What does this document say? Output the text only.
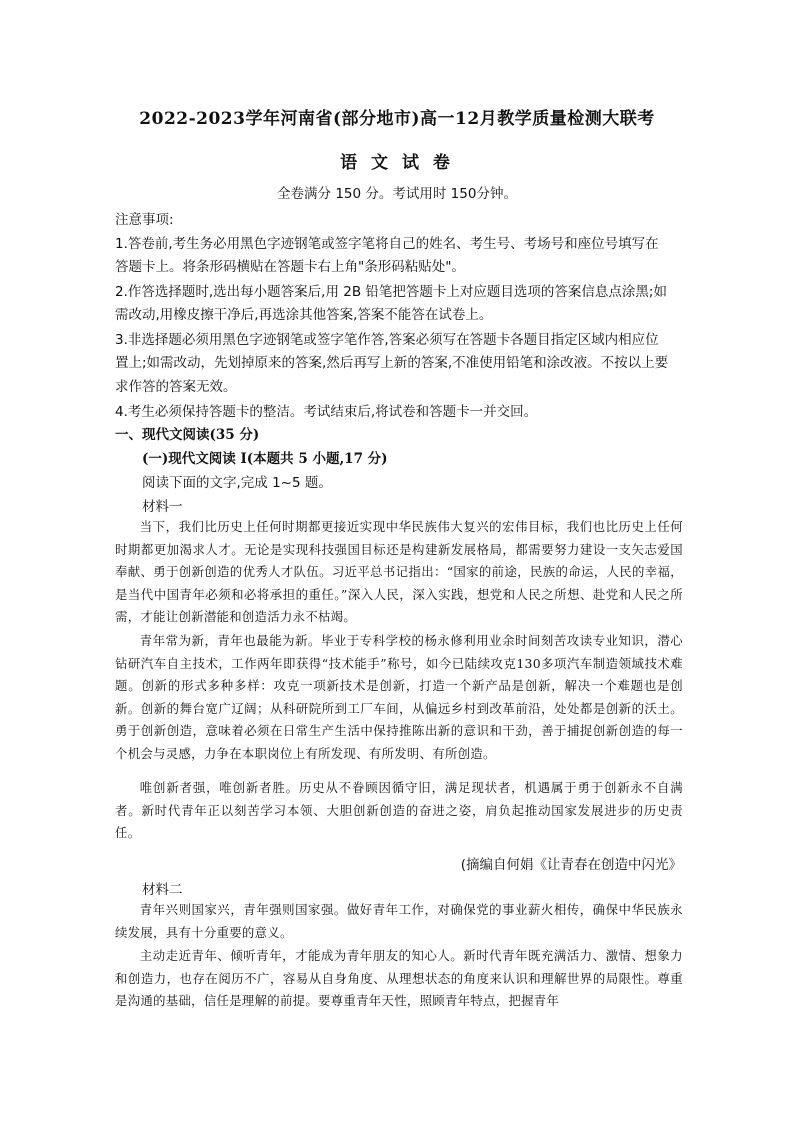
2022-2023学年河南省(部分地市)高一12月教学质量检测大联考
语 文 试 卷
全卷满分 150 分。考试用时 150分钟。
注意事项:
1.答卷前,考生务必用黑色字迹钢笔或签字笔将自己的姓名、考生号、考场号和座位号填写在
答题卡上。将条形码横贴在答题卡右上角"条形码粘贴处"。
2.作答选择题时,选出每小题答案后,用 2B 铅笔把答题卡上对应题目选项的答案信息点涂黑;如
需改动,用橡皮擦干净后,再选涂其他答案,答案不能答在试卷上。
3.非选择题必须用黑色字迹钢笔或签字笔作答,答案必须写在答题卡各题目指定区域内相应位
置上;如需改动，先划掉原来的答案,然后再写上新的答案,不准使用铅笔和涂改液。不按以上要
求作答的答案无效。
4.考生必须保持答题卡的整洁。考试结束后,将试卷和答题卡一并交回。
一、现代文阅读(35 分)
(一)现代文阅读 I(本题共 5 小题,17 分)
阅读下面的文字,完成 1~5 题。
材料一
当下，我们比历史上任何时期都更接近实现中华民族伟大复兴的宏伟目标，我们也比历史上任何时期都更加渴求人才。无论是实现科技强国目标还是构建新发展格局，都需要努力建设一支矢志爱国奉献、勇于创新创造的优秀人才队伍。习近平总书记指出：“国家的前途，民族的命运，人民的幸福，是当代中国青年必须和必将承担的重任。”深入人民，深入实践，想党和人民之所想、赴党和人民之所需，才能让创新潜能和创造活力永不枯竭。
青年常为新，青年也最能为新。毕业于专科学校的杨永修利用业余时间刻苦攻读专业知识，潜心钻研汽车自主技术，工作两年即获得“技术能手”称号，如今已陆续攻克130多项汽车制造领域技术难题。创新的形式多种多样：攻克一项新技术是创新，打造一个新产品是创新，解决一个难题也是创新。创新的舞台宽广辽阔；从科研院所到工厂车间，从偏远乡村到改革前沿，处处都是创新的沃土。勇于创新创造，意味着必须在日常生产生活中保持推陈出新的意识和干劲，善于捕捉创新创造的每一个机会与灵感，力争在本职岗位上有所发现、有所发明、有所创造。
唯创新者强，唯创新者胜。历史从不眷顾因循守旧，满足现状者，机遇属于勇于创新永不自满者。新时代青年正以刻苦学习本领、大胆创新创造的奋进之姿，肩负起推动国家发展进步的历史责任。
(摘编自何娟《让青春在创造中闪光》
材料二
青年兴则国家兴，青年强则国家强。做好青年工作，对确保党的事业薪火相传，确保中华民族永续发展，具有十分重要的意义。
主动走近青年、倾听青年，才能成为青年朋友的知心人。新时代青年既充满活力、激情、想象力和创造力，也存在阅历不广，容易从自身角度、从理想状态的角度来认识和理解世界的局限性。尊重是沟通的基础，信任是理解的前提。要尊重青年天性，照顾青年特点，把握青年
